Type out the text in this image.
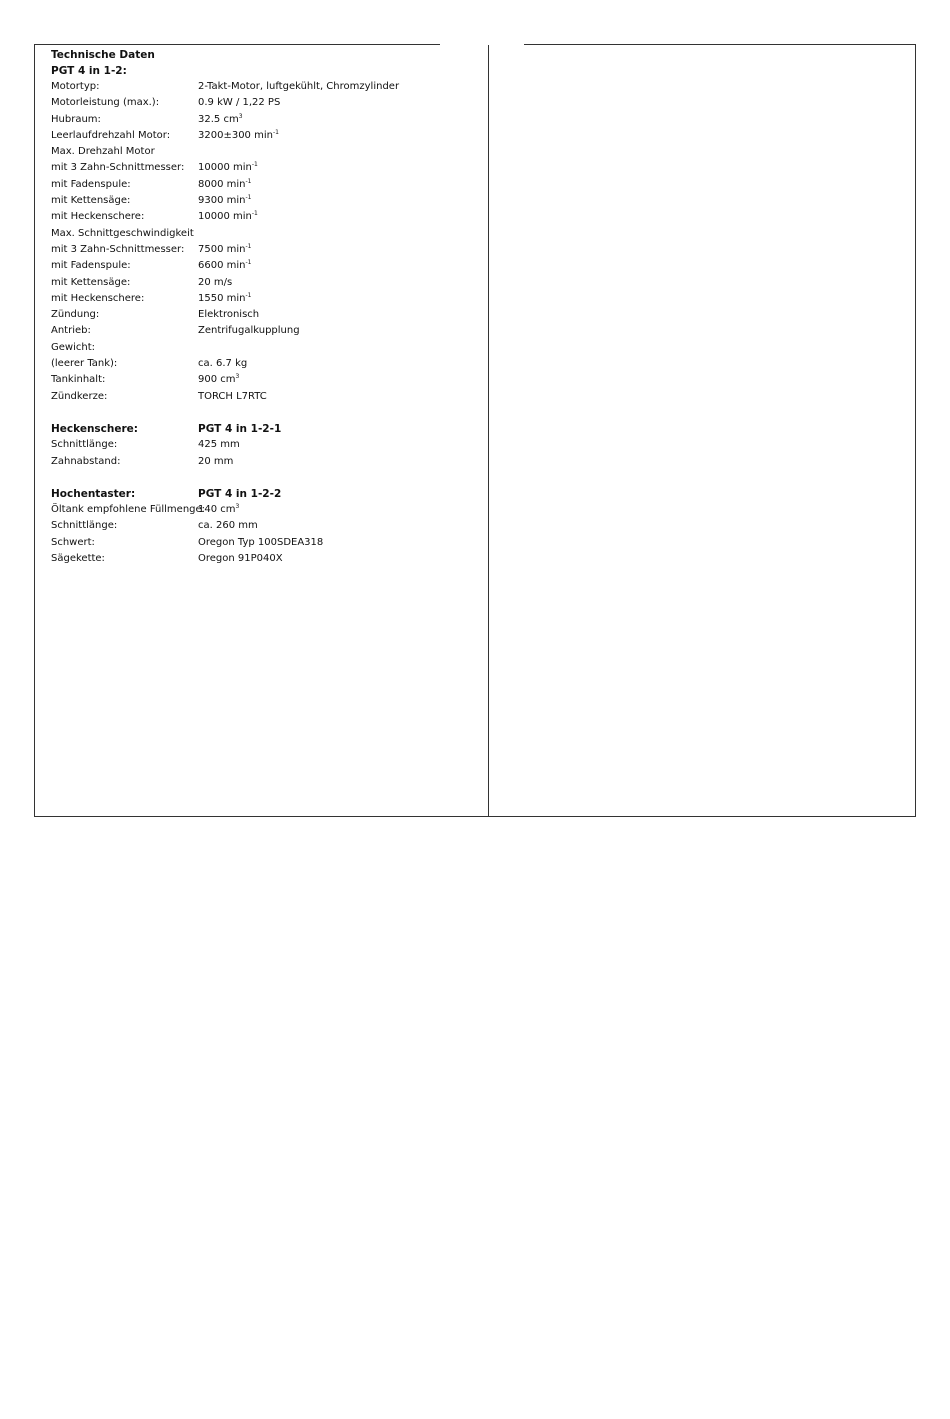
Technische Daten
PGT 4 in 1-2:
Motortyp:	2-Takt-Motor, luftgekühlt, Chromzylinder
Motorleistung (max.):	0.9 kW / 1,22 PS
Hubraum:	32.5 $cm^3$
Leerlaufdrehzahl Motor:	3200±300 $\min^{-1}$
Max. Drehzahl Motor
mit 3 Zahn-Schnittmesser: 10000 $\min^{-1}$
mit Fadenspule:	8000 $\min^{-1}$
mit Kettensäge:	9300 $\min^{-1}$
mit Heckenschere:	10000 $\min^{-1}$
Max. Schnittgeschwindigkeit
mit 3 Zahn-Schnittmesser: 7500 $\min^{-1}$
mit Fadenspule:	6600 $\min^{-1}$
mit Kettensäge:	20 m/s
mit Heckenschere:	1550 $\min^{-1}$
Zündung:	Elektronisch
Antrieb:	Zentrifugalkupplung
Gewicht:
(leerer Tank):	ca. 6.7 kg
Tankinhalt:	900 $cm^3$
Zündkerze:	TORCH L7RTC
Heckenschere:	PGT 4 in 1-2-1
Schnittlänge:	425 mm
Zahnabstand:	20 mm
Hochentaster:	PGT 4 in 1-2-2
Öltank empfohlene Füllmenge:
140 $cm^3$
Schnittlänge:	ca. 260 mm
Schwert:	Oregon Typ 100SDEA318
Sägekette:	Oregon 91P040X
